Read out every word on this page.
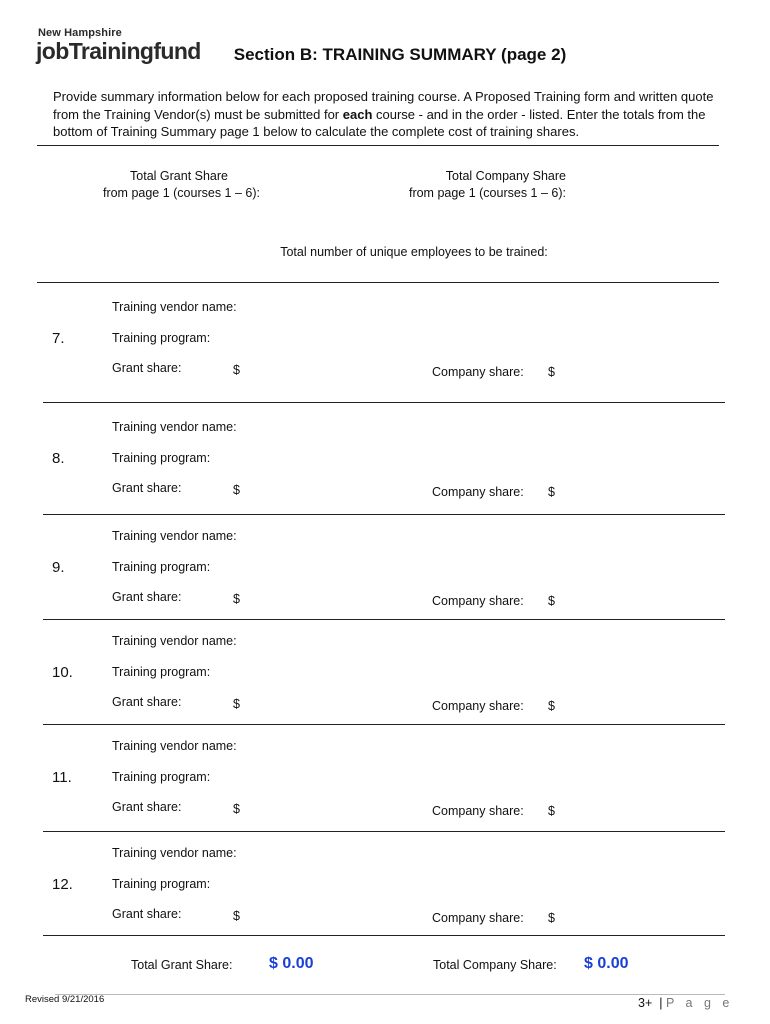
New Hampshire
jobTrainingfund	Section B: TRAINING SUMMARY (page 2)
Provide summary information below for each proposed training course. A Proposed Training form and written quote from the Training Vendor(s) must be submitted for each course - and in the order - listed. Enter the totals from the bottom of Training Summary page 1 below to calculate the complete cost of training shares.
Total Grant Share
from page 1 (courses 1 – 6):
Total Company Share
from page 1 (courses 1 – 6):
Total number of unique employees to be trained:
7.
Training vendor name:
Training program:
Grant share:	$	Company share: $
8.
Training vendor name:
Training program:
Grant share:	$	Company share: $
9.
Training vendor name:
Training program:
Grant share:	$	Company share: $
10.
Training vendor name:
Training program:
Grant share:	$	Company share: $
11.
Training vendor name:
Training program:
Grant share:	$	Company share: $
12.
Training vendor name:
Training program:
Grant share:	$	Company share: $
Total Grant Share: $ 0.00	Total Company Share: $ 0.00
Revised 9/21/2016	3+ | P a g e
